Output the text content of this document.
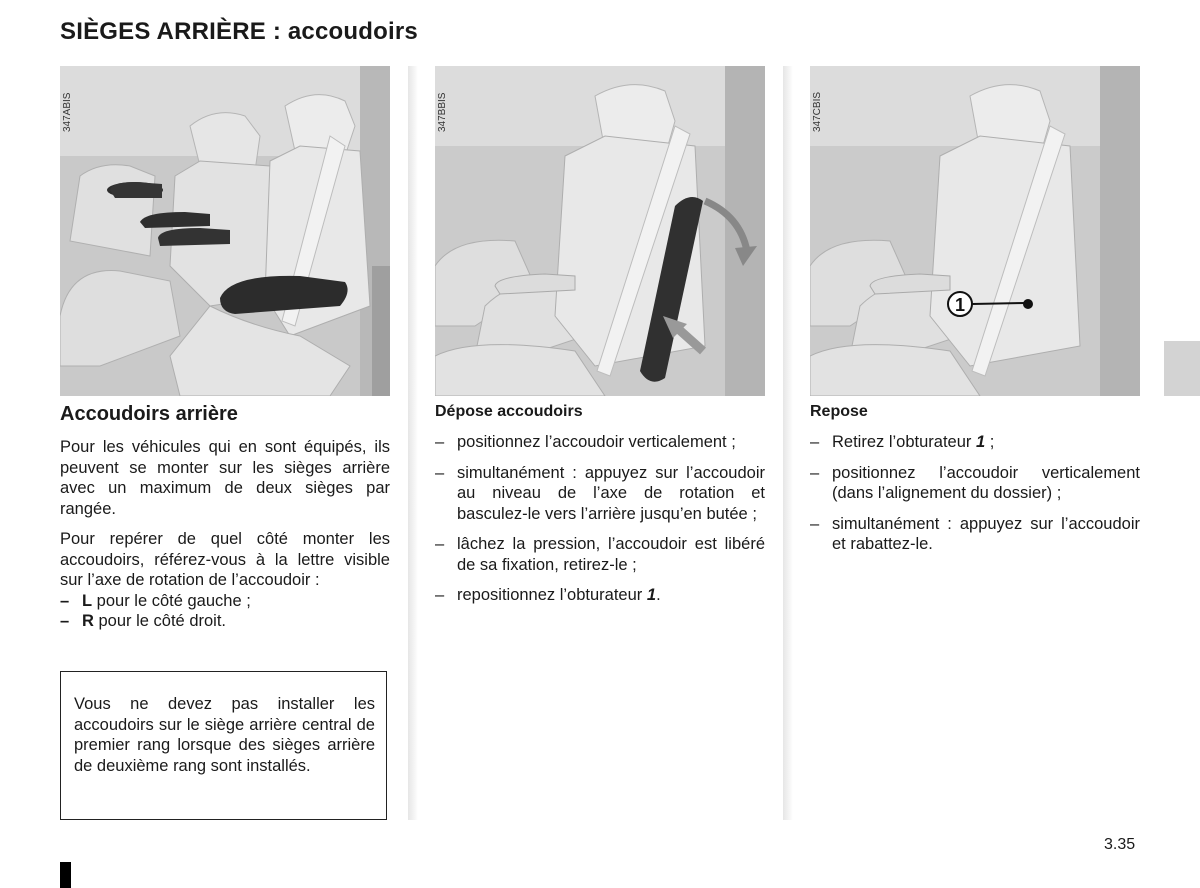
SIÈGES ARRIÈRE : accoudoirs
347ABIS	347BBIS
1
347CBIS
Accoudoirs arrière

Pour les véhicules qui en sont équipés, ils peuvent se monter sur les sièges arrière avec un maximum de deux sièges par rangée.

Pour repérer de quel côté monter les accoudoirs, référez-vous à la lettre visible sur l’axe de rotation de l’accoudoir :

– L pour le côté gauche ;
– R pour le côté droit.
Vous ne devez pas installer les accoudoirs sur le siège arrière central de premier rang lorsque des sièges arrière de deuxième rang sont installés.
Dépose accoudoirs
– positionnez l’accoudoir verticalement ;
– simultanément : appuyez sur l’accoudoir au niveau de l’axe de rotation et basculez-le vers l’arrière jusqu’en butée ;
– lâchez la pression, l’accoudoir est libéré de sa fixation, retirez-le ;
– repositionnez l’obturateur 1.
Repose
– Retirez l’obturateur 1 ;
– positionnez l’accoudoir verticalement (dans l’alignement du dossier) ;
– simultanément : appuyez sur l’accoudoir et rabattez-le.
3.35
